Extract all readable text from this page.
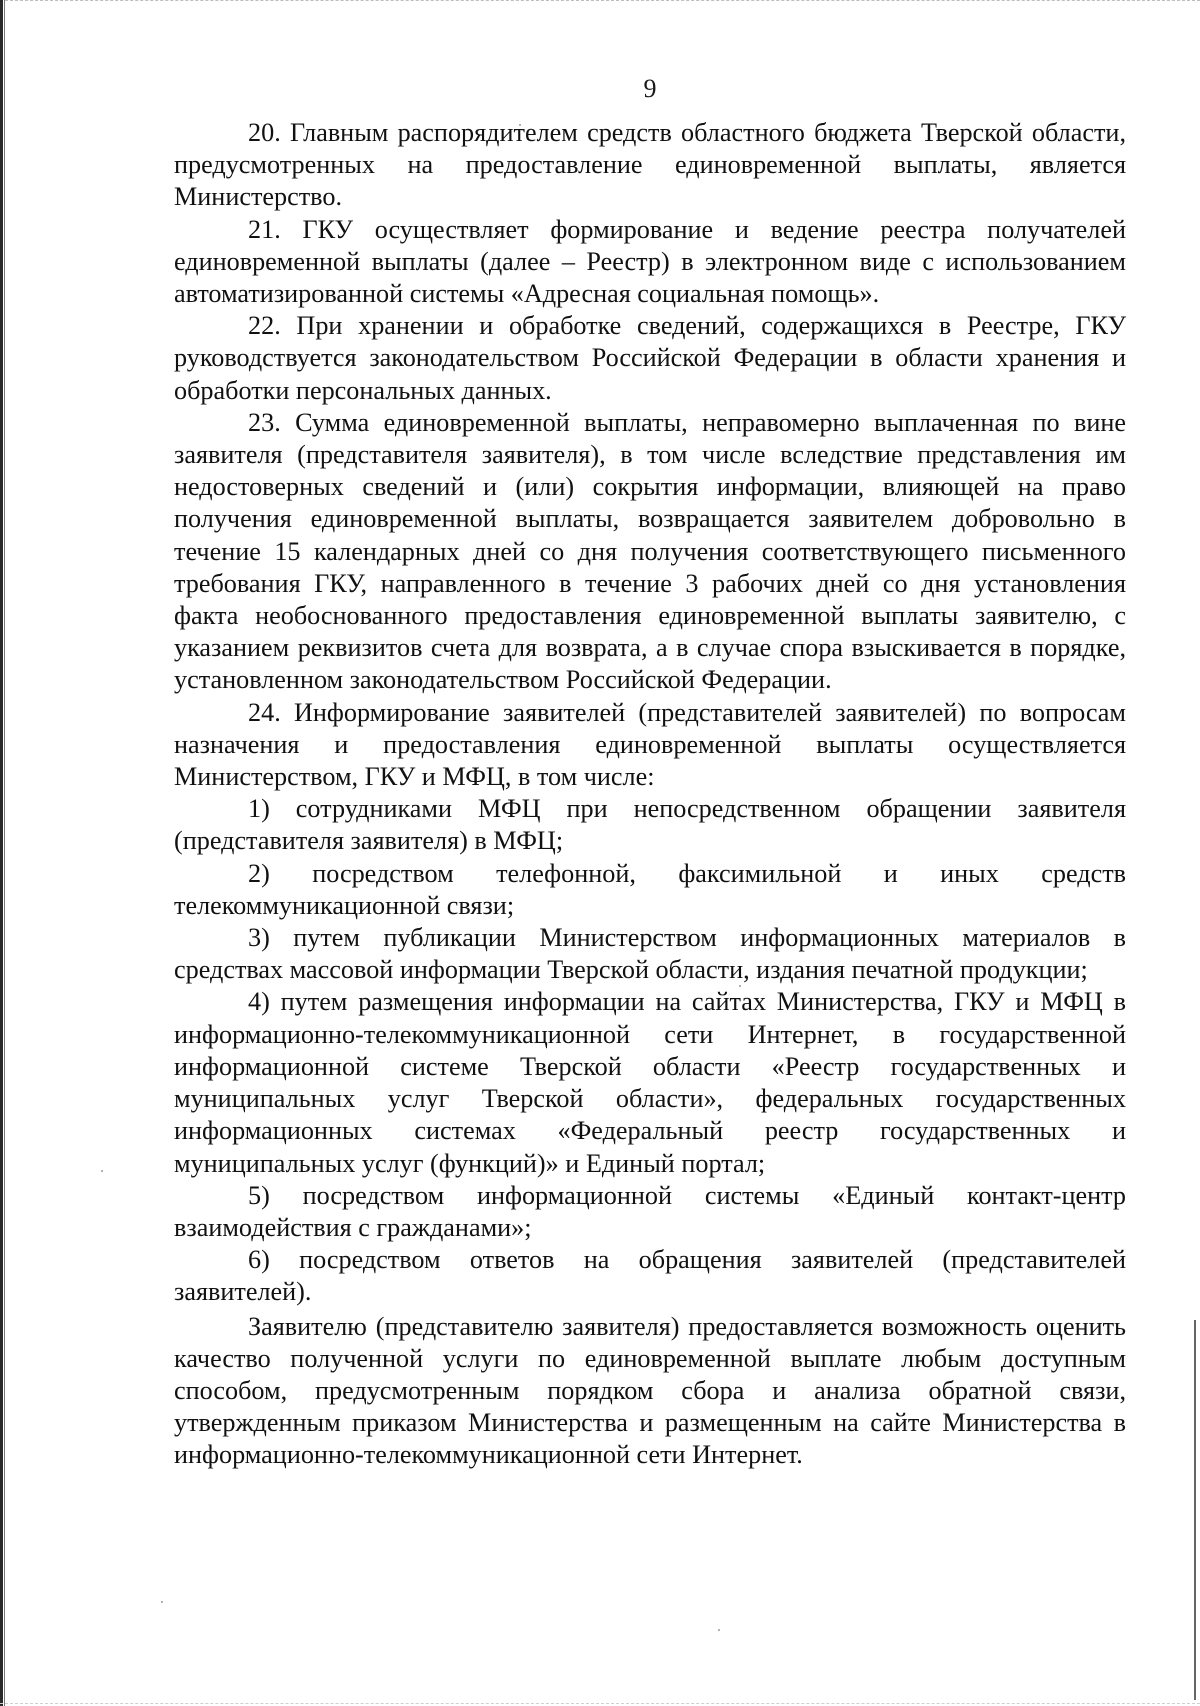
9

20. Главным распорядителем средств областного бюджета Тверской области, предусмотренных на предоставление единовременной выплаты, является Министерство.

21. ГКУ осуществляет формирование и ведение реестра получателей единовременной выплаты (далее – Реестр) в электронном виде с использованием автоматизированной системы «Адресная социальная помощь».

22. При хранении и обработке сведений, содержащихся в Реестре, ГКУ руководствуется законодательством Российской Федерации в области хранения и обработки персональных данных.

23. Сумма единовременной выплаты, неправомерно выплаченная по вине заявителя (представителя заявителя), в том числе вследствие представления им недостоверных сведений и (или) сокрытия информации, влияющей на право получения единовременной выплаты, возвращается заявителем добровольно в течение 15 календарных дней со дня получения соответствующего письменного требования ГКУ, направленного в течение 3 рабочих дней со дня установления факта необоснованного предоставления единовременной выплаты заявителю, с указанием реквизитов счета для возврата, а в случае спора взыскивается в порядке, установленном законодательством Российской Федерации.

24. Информирование заявителей (представителей заявителей) по вопросам назначения и предоставления единовременной выплаты осуществляется Министерством, ГКУ и МФЦ, в том числе:

1) сотрудниками МФЦ при непосредственном обращении заявителя (представителя заявителя) в МФЦ;

2) посредством телефонной, факсимильной и иных средств телекоммуникационной связи;

3) путем публикации Министерством информационных материалов в средствах массовой информации Тверской области, издания печатной продукции;

4) путем размещения информации на сайтах Министерства, ГКУ и МФЦ в информационно-телекоммуникационной сети Интернет, в государственной информационной системе Тверской области «Реестр государственных и муниципальных услуг Тверской области», федеральных государственных информационных системах «Федеральный реестр государственных и муниципальных услуг (функций)» и Единый портал;

5) посредством информационной системы «Единый контакт-центр взаимодействия с гражданами»;

6) посредством ответов на обращения заявителей (представителей заявителей).

Заявителю (представителю заявителя) предоставляется возможность оценить качество полученной услуги по единовременной выплате любым доступным способом, предусмотренным порядком сбора и анализа обратной связи, утвержденным приказом Министерства и размещенным на сайте Министерства в информационно-телекоммуникационной сети Интернет.
